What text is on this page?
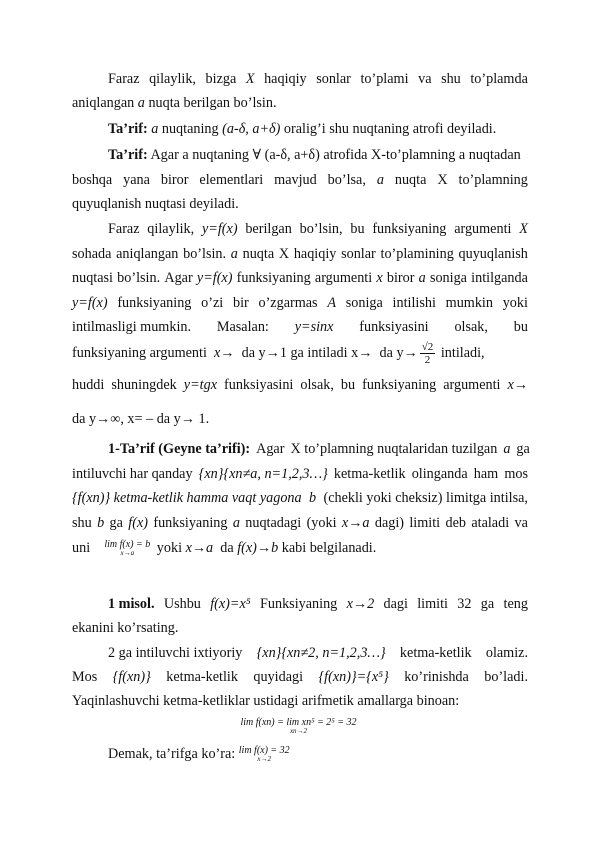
Faraz qilaylik, bizga X haqiqiy sonlar to’plami va shu to’plamda
aniqlangan a nuqta berilgan bo’lsin.
Ta’rif: a nuqtaning (a-δ, a+δ) oralig’i shu nuqtaning atrofi deyiladi.
Ta’rif: Agar a nuqtaning ∀ (a-δ, a+δ) atrofida X-to’plamning a nuqtadan
boshqa yana biror elementlari mavjud bo’lsa, a nuqta X to’plamning
quyuqlanish nuqtasi deyiladi.
Faraz qilaylik, y=f(x) berilgan bo’lsin, bu funksiyaning argumenti X
sohada aniqlangan bo’lsin. a nuqta X haqiqiy sonlar to’plamining quyuqlanish
nuqtasi bo’lsin. Agar y=f(x) funksiyaning argumenti x biror a soniga intilganda
y=f(x) funksiyaning o’zi bir o’zgarmas A soniga intilishi mumkin yoki
intilmasligi mumkin. Masalan: y=sinx funksiyasini olsak, bu
funksiyaning argumenti x→ da y→1 ga intiladi x→ da $y\to \frac{√2}{2}$ intiladi,
huddi shuningdek y=tgx funksiyasini olsak, bu funksiyaning argumenti x→
da y→∞, x= – da y→ 1.
1-Ta’rif (Geyne ta’rifi): Agar X to’plamning nuqtalaridan tuzilgan a ga
intiluvchi har qanday {xn}{xn≠a, n=1,2,3…} ketma-ketlik olinganda ham mos
{f(xn)} ketma-ketlik hamma vaqt yagona b (chekli yoki cheksiz) limitga intilsa,
shu b ga f(x) funksiyaning a nuqtadagi (yoki x→a dagi) limiti deb ataladi va
uni lim f(x) = b
x→a	yoki x→a da f(x)→b kabi belgilanadi.
1 misol. Ushbu f(x)=x⁵ Funksiyaning x→2 dagi limiti 32 ga teng
ekanini ko’rsating.
2 ga intiluvchi ixtiyoriy {xn}{xn≠2, n=1,2,3…} ketma-ketlik olamiz.
Mos {f(xn)} ketma-ketlik quyidagi {f(xn)}={x⁵} ko’rinishda bo’ladi.
Yaqinlashuvchi ketma-ketliklar ustidagi arifmetik amallarga binoan:
lim f(xn) = lim xn⁵ = 2⁵ = 32
xn→2
Demak, ta’rifga ko’ra: lim f(x) = 32
x→2
